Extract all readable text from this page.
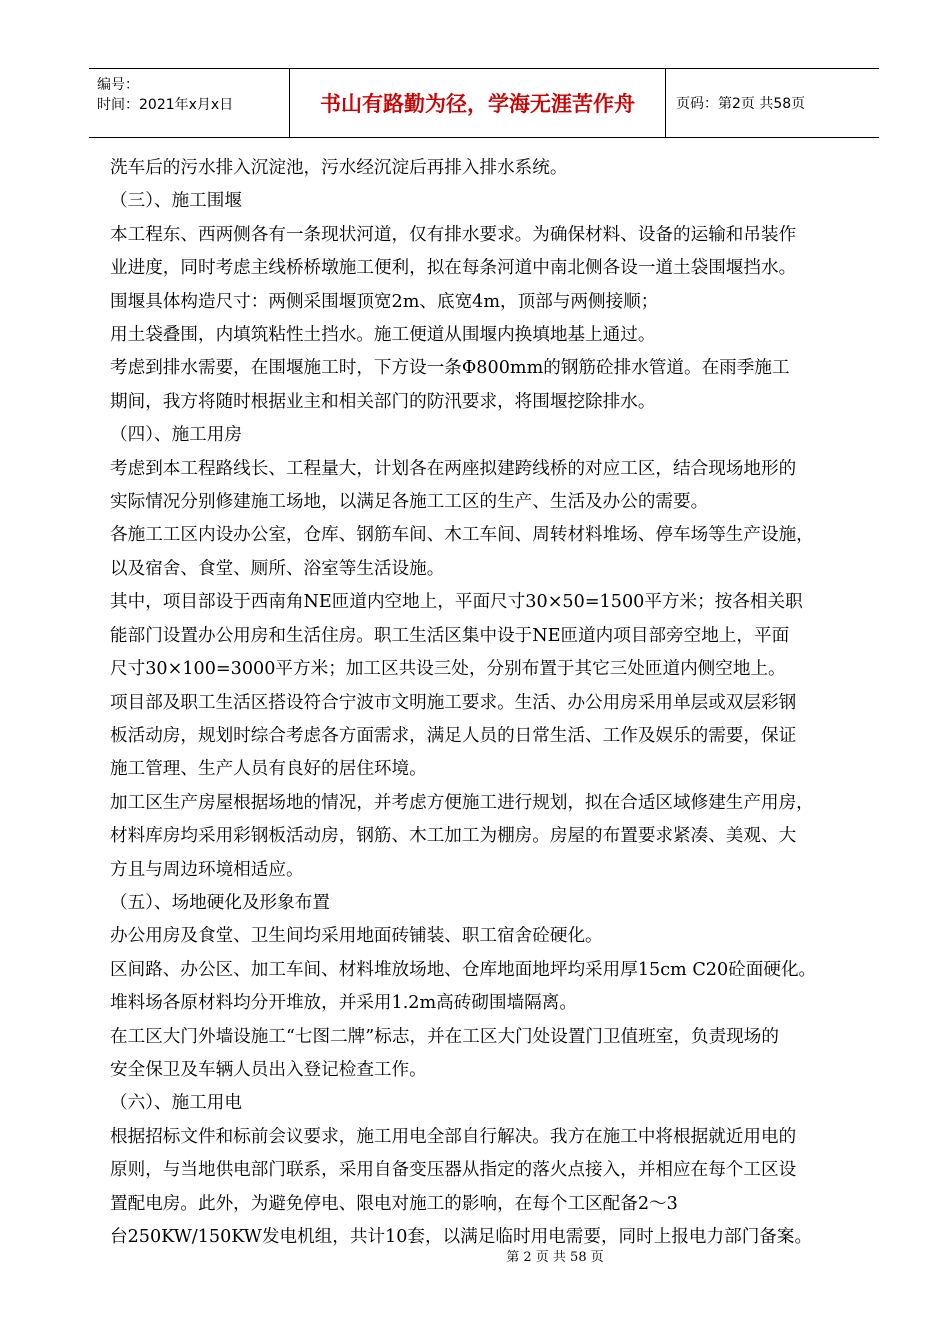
编号：
时间：2021年x月x日	书山有路勤为径，学海无涯苦作舟	页码：第2页 共58页

洗车后的污水排入沉淀池，污水经沉淀后再排入排水系统。

（三）、施工围堰

本工程东、西两侧各有一条现状河道，仅有排水要求。为确保材料、设备的运输和吊装作

业进度，同时考虑主线桥桥墩施工便利，拟在每条河道中南北侧各设一道土袋围堰挡水。

围堰具体构造尺寸：两侧采围堰顶宽2m、底宽4m，顶部与两侧接顺；

用土袋叠围，内填筑粘性土挡水。施工便道从围堰内换填地基上通过。

考虑到排水需要，在围堰施工时，下方设一条Φ800mm的钢筋砼排水管道。在雨季施工

期间，我方将随时根据业主和相关部门的防汛要求，将围堰挖除排水。

（四）、施工用房

考虑到本工程路线长、工程量大，计划各在两座拟建跨线桥的对应工区，结合现场地形的

实际情况分别修建施工场地，以满足各施工工区的生产、生活及办公的需要。

各施工工区内设办公室，仓库、钢筋车间、木工车间、周转材料堆场、停车场等生产设施，

以及宿舍、食堂、厕所、浴室等生活设施。

其中，项目部设于西南角NE匝道内空地上，平面尺寸30×50=1500平方米；按各相关职

能部门设置办公用房和生活住房。职工生活区集中设于NE匝道内项目部旁空地上，平面

尺寸30×100=3000平方米；加工区共设三处，分别布置于其它三处匝道内侧空地上。

项目部及职工生活区搭设符合宁波市文明施工要求。生活、办公用房采用单层或双层彩钢

板活动房，规划时综合考虑各方面需求，满足人员的日常生活、工作及娱乐的需要，保证

施工管理、生产人员有良好的居住环境。

加工区生产房屋根据场地的情况，并考虑方便施工进行规划，拟在合适区域修建生产用房，

材料库房均采用彩钢板活动房，钢筋、木工加工为棚房。房屋的布置要求紧凑、美观、大

方且与周边环境相适应。

（五）、场地硬化及形象布置

办公用房及食堂、卫生间均采用地面砖铺装、职工宿舍砼硬化。

区间路、办公区、加工车间、材料堆放场地、仓库地面地坪均采用厚15cm C20砼面硬化。

堆料场各原材料均分开堆放，并采用1.2m高砖砌围墙隔离。

在工区大门外墙设施工“七图二牌”标志，并在工区大门处设置门卫值班室，负责现场的

安全保卫及车辆人员出入登记检查工作。

（六）、施工用电

根据招标文件和标前会议要求，施工用电全部自行解决。我方在施工中将根据就近用电的

原则，与当地供电部门联系，采用自备变压器从指定的落火点接入，并相应在每个工区设

置配电房。此外，为避免停电、限电对施工的影响，在每个工区配备2～3

台250KW/150KW发电机组，共计10套，以满足临时用电需要，同时上报电力部门备案。

第 2 页 共 58 页
